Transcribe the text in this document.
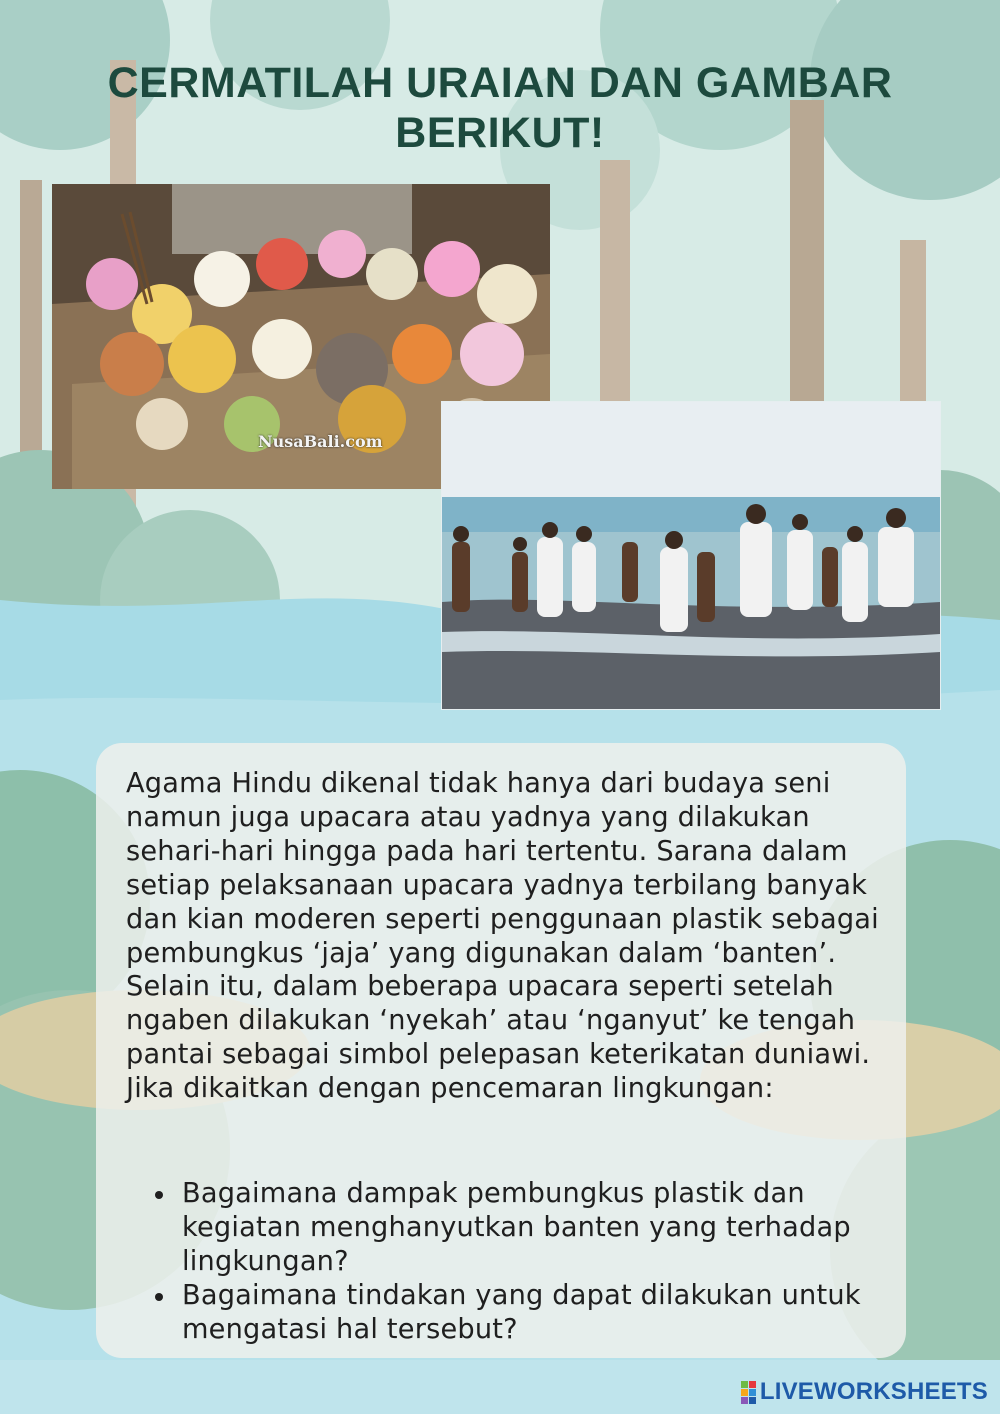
CERMATILAH URAIAN DAN GAMBAR BERIKUT!
NusaBali.com

Agama Hindu dikenal tidak hanya dari budaya seni namun juga upacara atau yadnya yang dilakukan sehari-hari hingga pada hari tertentu. Sarana dalam setiap pelaksanaan upacara yadnya terbilang banyak dan kian moderen seperti penggunaan plastik sebagai pembungkus ‘jaja’ yang digunakan dalam ‘banten’. Selain itu, dalam beberapa upacara seperti setelah ngaben dilakukan ‘nyekah’ atau ‘nganyut’ ke tengah pantai sebagai simbol pelepasan keterikatan duniawi. Jika dikaitkan dengan pencemaran lingkungan:

Bagaimana dampak pembungkus plastik dan kegiatan menghanyutkan banten yang terhadap lingkungan?
Bagaimana tindakan yang dapat dilakukan untuk mengatasi hal tersebut?
LIVEWORKSHEETS
